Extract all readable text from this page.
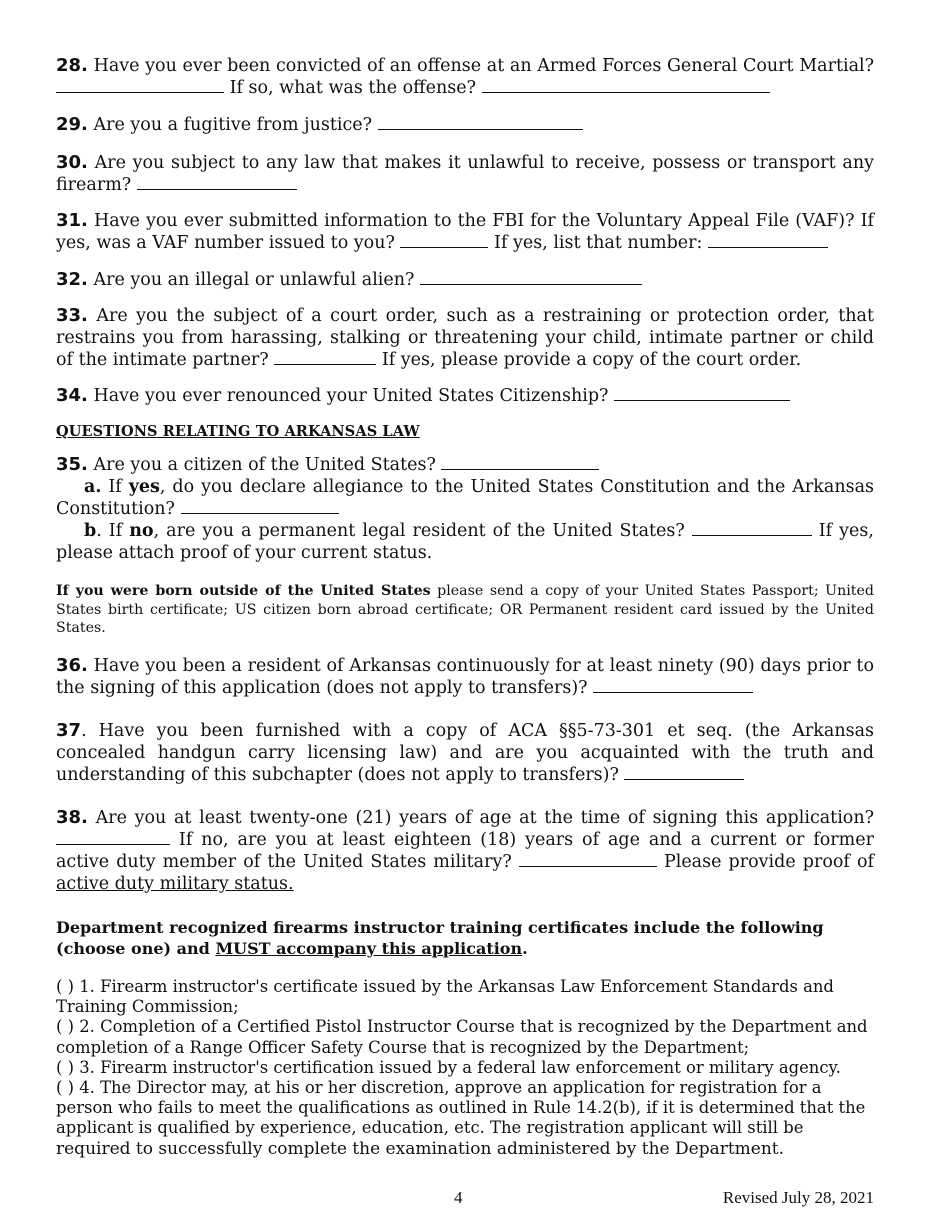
28. Have you ever been convicted of an offense at an Armed Forces General Court Martial?  If so, what was the offense?
29. Are you a fugitive from justice?
30. Are you subject to any law that makes it unlawful to receive, possess or transport any firearm?
31. Have you ever submitted information to the FBI for the Voluntary Appeal File (VAF)? If yes, was a VAF number issued to you?	If yes, list that number:
32. Are you an illegal or unlawful alien?
33. Are you the subject of a court order, such as a restraining or protection order, that restrains you from harassing, stalking or threatening your child, intimate partner or child of the intimate partner?	If yes, please provide a copy of the court order.
34. Have you ever renounced your United States Citizenship?
QUESTIONS RELATING TO ARKANSAS LAW
35. Are you a citizen of the United States?
a. If yes, do you declare allegiance to the United States Constitution and the Arkansas Constitution?
b. If no, are you a permanent legal resident of the United States?	If yes, please attach proof of your current status.
If you were born outside of the United States please send a copy of your United States Passport; United States birth certificate; US citizen born abroad certificate; OR Permanent resident card issued by the United States.
36. Have you been a resident of Arkansas continuously for at least ninety (90) days prior to the signing of this application (does not apply to transfers)?
37. Have you been furnished with a copy of ACA §§5-73-301 et seq. (the Arkansas concealed handgun carry licensing law) and are you acquainted with the truth and understanding of this subchapter (does not apply to transfers)?
38. Are you at least twenty-one (21) years of age at the time of signing this application?  If no, are you at least eighteen (18) years of age and a current or former active duty member of the United States military?	Please provide proof of active duty military status.
Department recognized firearms instructor training certificates include the following (choose one) and MUST accompany this application.
( ) 1. Firearm instructor's certificate issued by the Arkansas Law Enforcement Standards and Training Commission;
( ) 2. Completion of a Certified Pistol Instructor Course that is recognized by the Department and completion of a Range Officer Safety Course that is recognized by the Department;
( ) 3. Firearm instructor's certification issued by a federal law enforcement or military agency.
( ) 4. The Director may, at his or her discretion, approve an application for registration for a person who fails to meet the qualifications as outlined in Rule 14.2(b), if it is determined that the applicant is qualified by experience, education, etc. The registration applicant will still be
required to successfully complete the examination administered by the Department.
4	Revised July 28, 2021
